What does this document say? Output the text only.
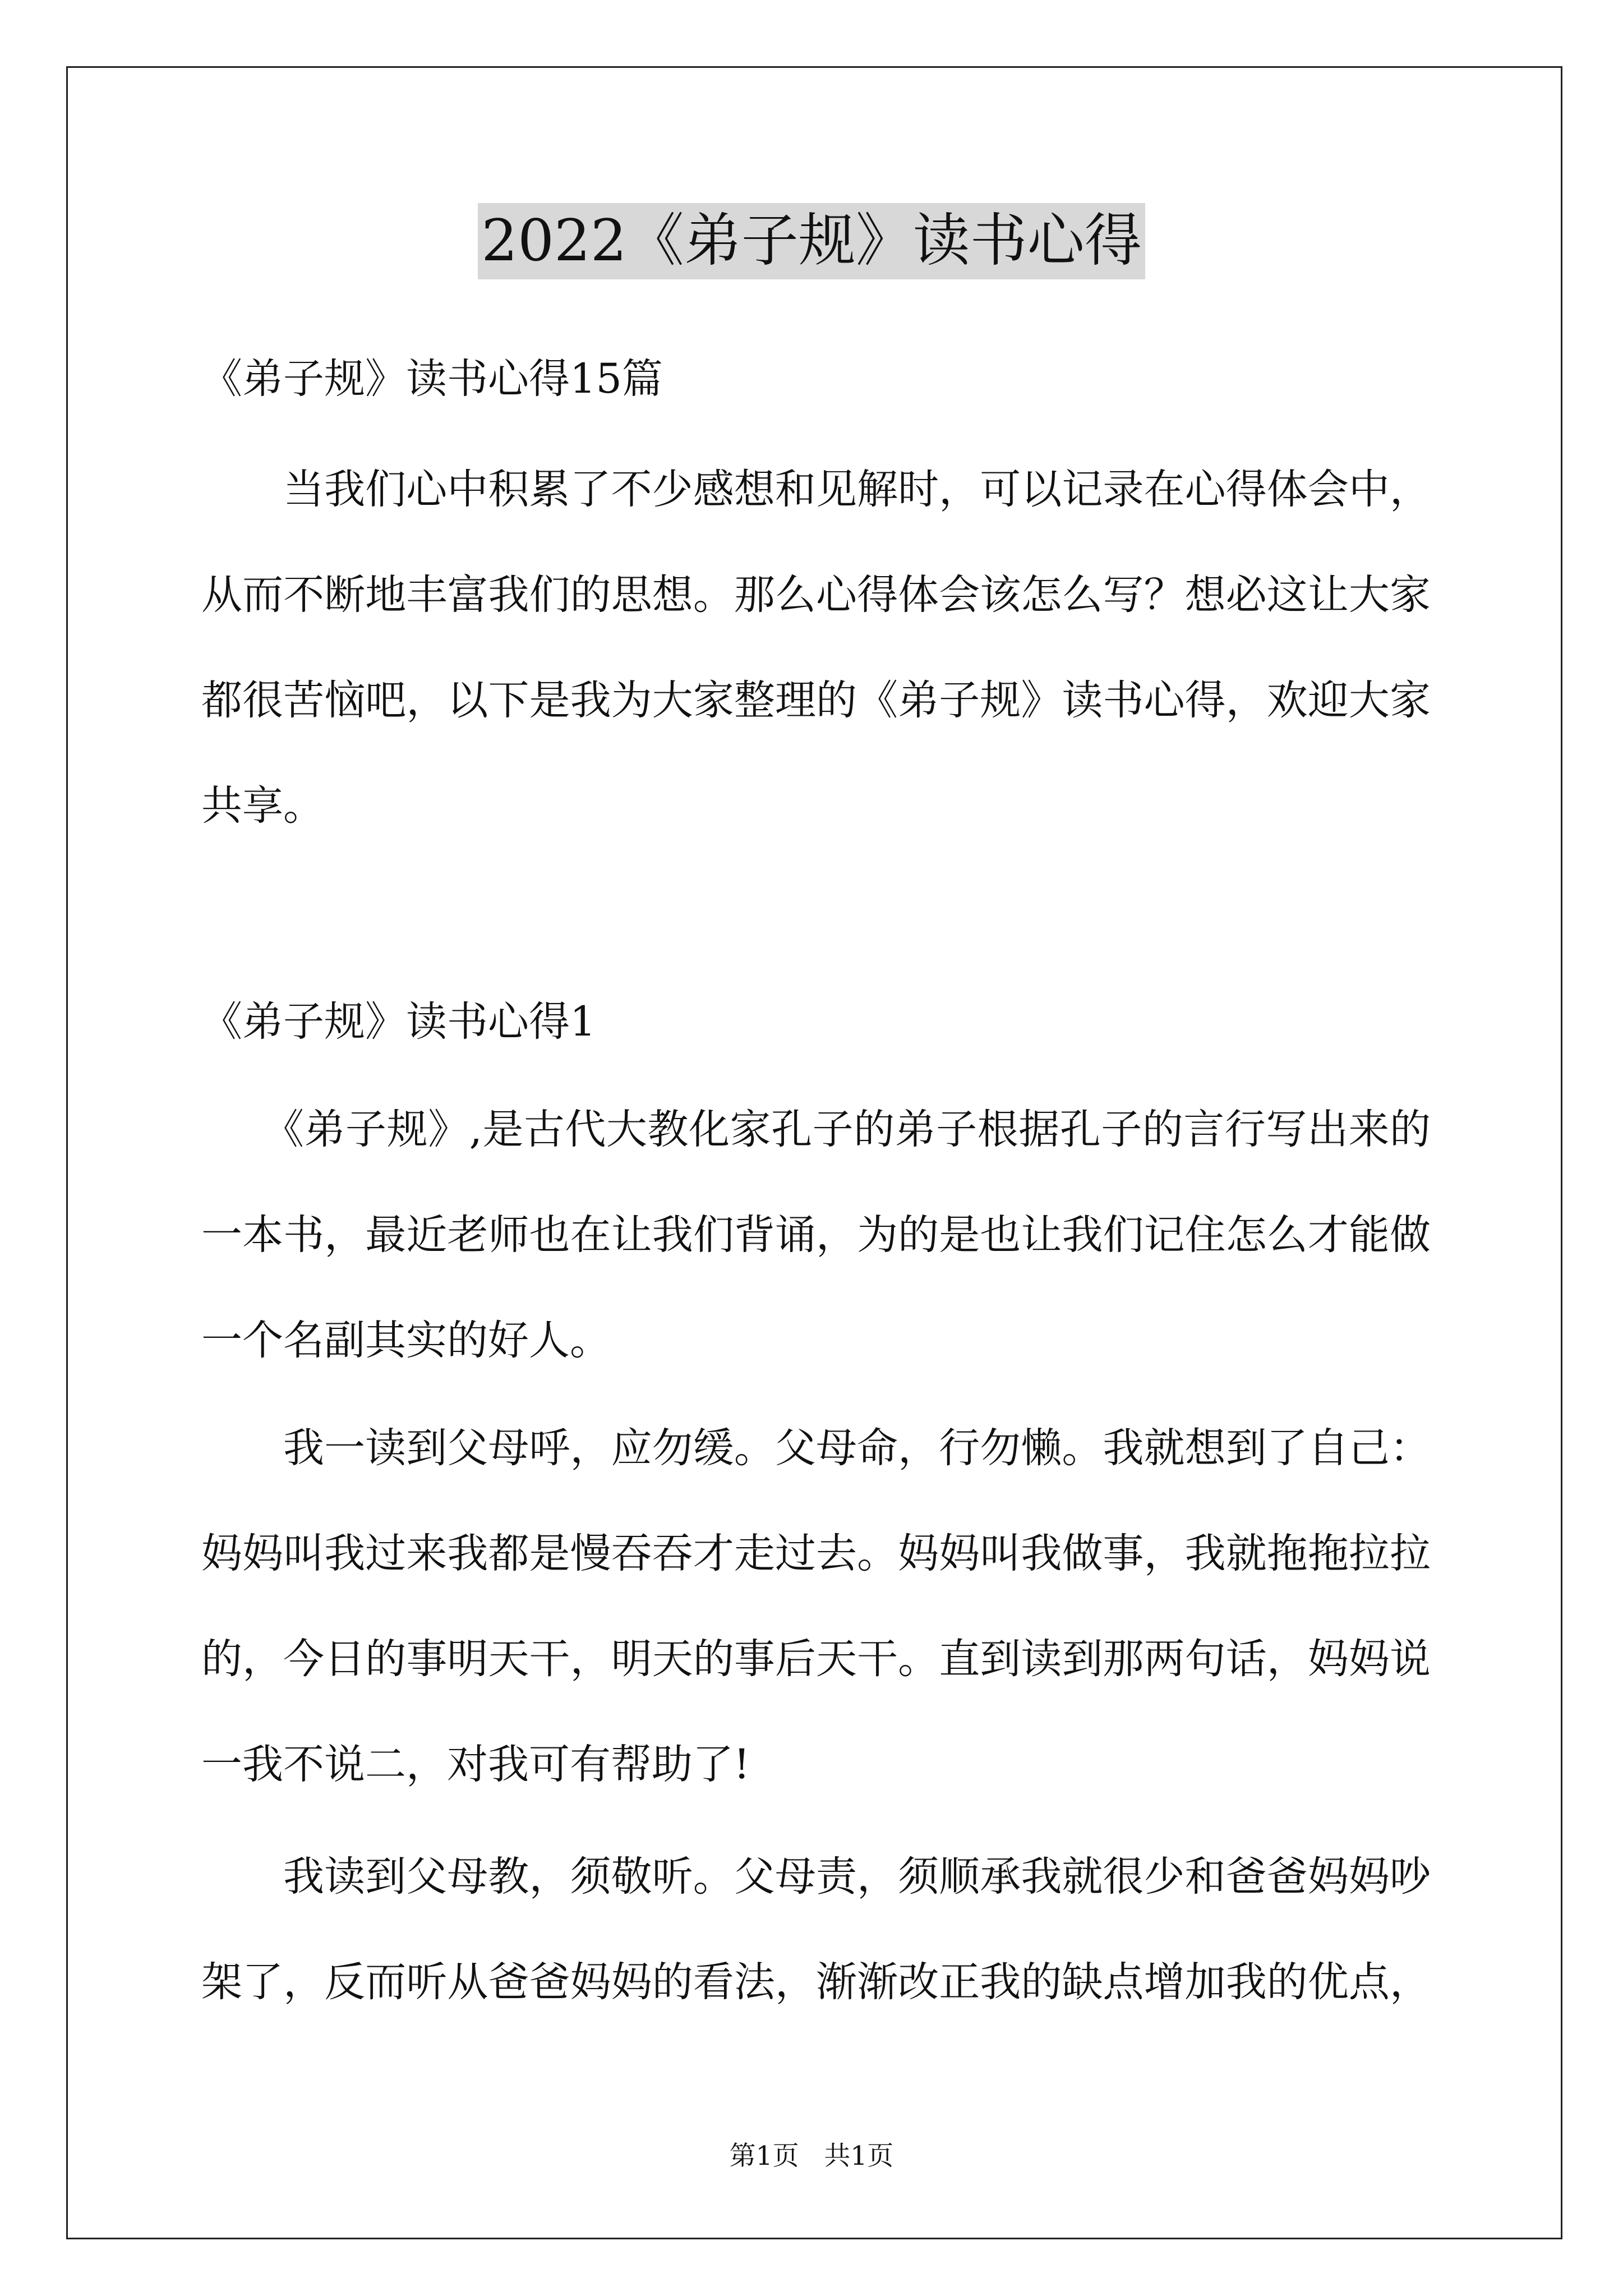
2022《弟子规》读书心得
《弟子规》读书心得15篇
当我们心中积累了不少感想和见解时，可以记录在心得体会中，
从而不断地丰富我们的思想。那么心得体会该怎么写？想必这让大家
都很苦恼吧，以下是我为大家整理的《弟子规》读书心得，欢迎大家
共享。
《弟子规》读书心得1
《弟子规》,是古代大教化家孔子的弟子根据孔子的言行写出来的
一本书，最近老师也在让我们背诵，为的是也让我们记住怎么才能做
一个名副其实的好人。
我一读到父母呼，应勿缓。父母命，行勿懒。我就想到了自己：
妈妈叫我过来我都是慢吞吞才走过去。妈妈叫我做事，我就拖拖拉拉
的，今日的事明天干，明天的事后天干。直到读到那两句话，妈妈说
一我不说二，对我可有帮助了!
我读到父母教，须敬听。父母责，须顺承我就很少和爸爸妈妈吵
架了，反而听从爸爸妈妈的看法，渐渐改正我的缺点增加我的优点，
第1页   共1页
